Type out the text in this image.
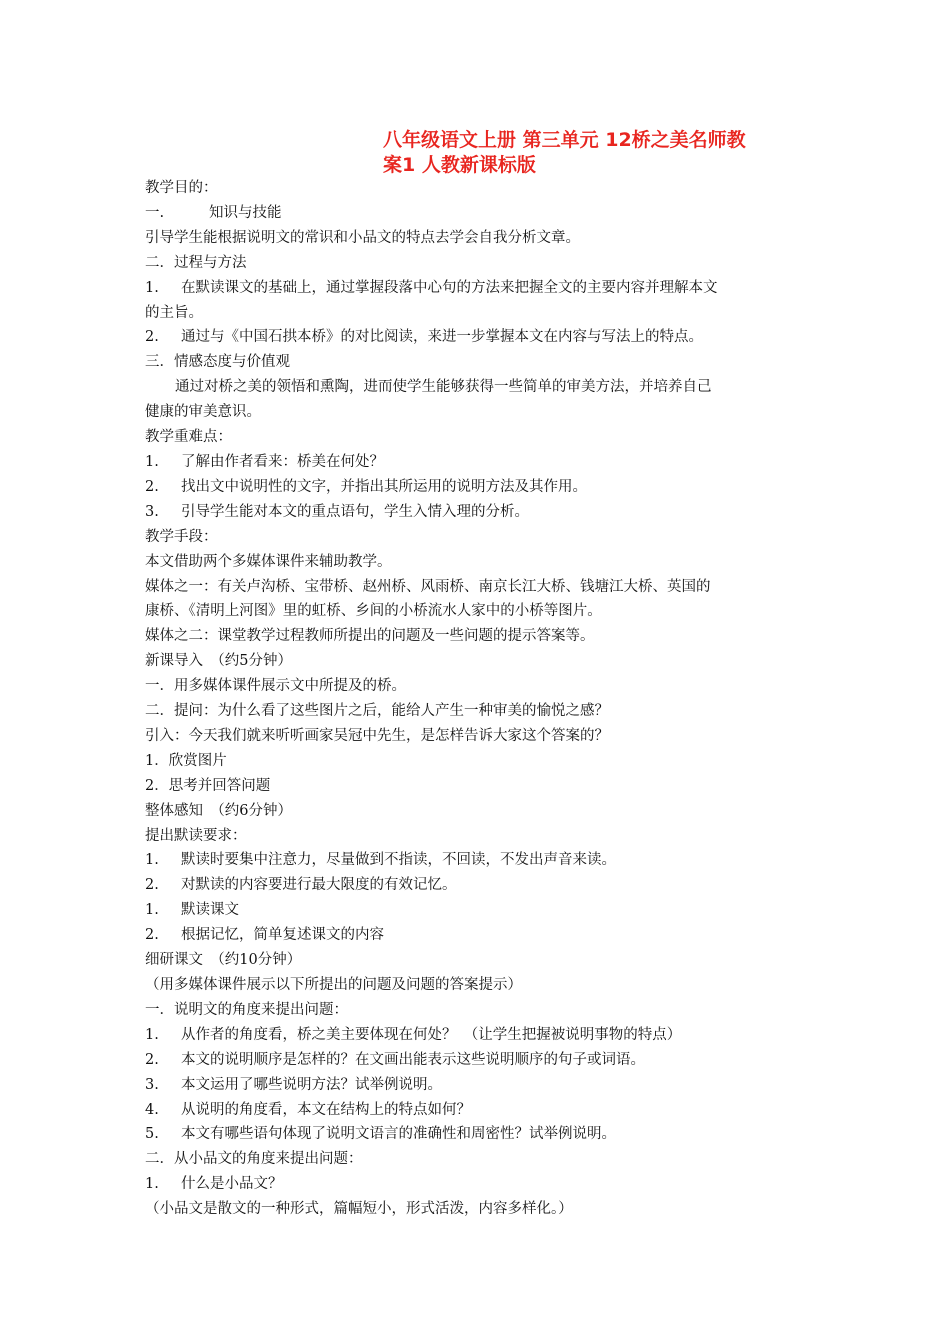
八年级语文上册 第三单元 12桥之美名师教
案1 人教新课标版
教学目的：
一.	知识与技能
引导学生能根据说明文的常识和小品文的特点去学会自我分析文章。
二．过程与方法
1. 在默读课文的基础上，通过掌握段落中心句的方法来把握全文的主要内容并理解本文
的主旨。
2. 通过与《中国石拱本桥》的对比阅读，来进一步掌握本文在内容与写法上的特点。
三．情感态度与价值观
通过对桥之美的领悟和熏陶，进而使学生能够获得一些简单的审美方法，并培养自己
健康的审美意识。
教学重难点：
1. 了解由作者看来：桥美在何处？
2. 找出文中说明性的文字，并指出其所运用的说明方法及其作用。
3. 引导学生能对本文的重点语句，学生入情入理的分析。
教学手段：
本文借助两个多媒体课件来辅助教学。
媒体之一：有关卢沟桥、宝带桥、赵州桥、风雨桥、南京长江大桥、钱塘江大桥、英国的
康桥、《清明上河图》里的虹桥、乡间的小桥流水人家中的小桥等图片。
媒体之二：课堂教学过程教师所提出的问题及一些问题的提示答案等。
新课导入　（约5分钟）
一．用多媒体课件展示文中所提及的桥。
二．提问：为什么看了这些图片之后，能给人产生一种审美的愉悦之感？
引入：今天我们就来听听画家吴冠中先生，是怎样告诉大家这个答案的？
1．欣赏图片
2．思考并回答问题
整体感知　（约6分钟）
提出默读要求：
1. 默读时要集中注意力，尽量做到不指读，不回读，不发出声音来读。
2. 对默读的内容要进行最大限度的有效记忆。
1. 默读课文
2. 根据记忆，简单复述课文的内容
细研课文　（约10分钟）
（用多媒体课件展示以下所提出的问题及问题的答案提示）
一．说明文的角度来提出问题：
1. 从作者的角度看，桥之美主要体现在何处？　（让学生把握被说明事物的特点）
2. 本文的说明顺序是怎样的？在文画出能表示这些说明顺序的句子或词语。
3. 本文运用了哪些说明方法？试举例说明。
4. 从说明的角度看，本文在结构上的特点如何？
5. 本文有哪些语句体现了说明文语言的准确性和周密性？试举例说明。
二．从小品文的角度来提出问题：
1. 什么是小品文？
（小品文是散文的一种形式，篇幅短小，形式活泼，内容多样化。）
